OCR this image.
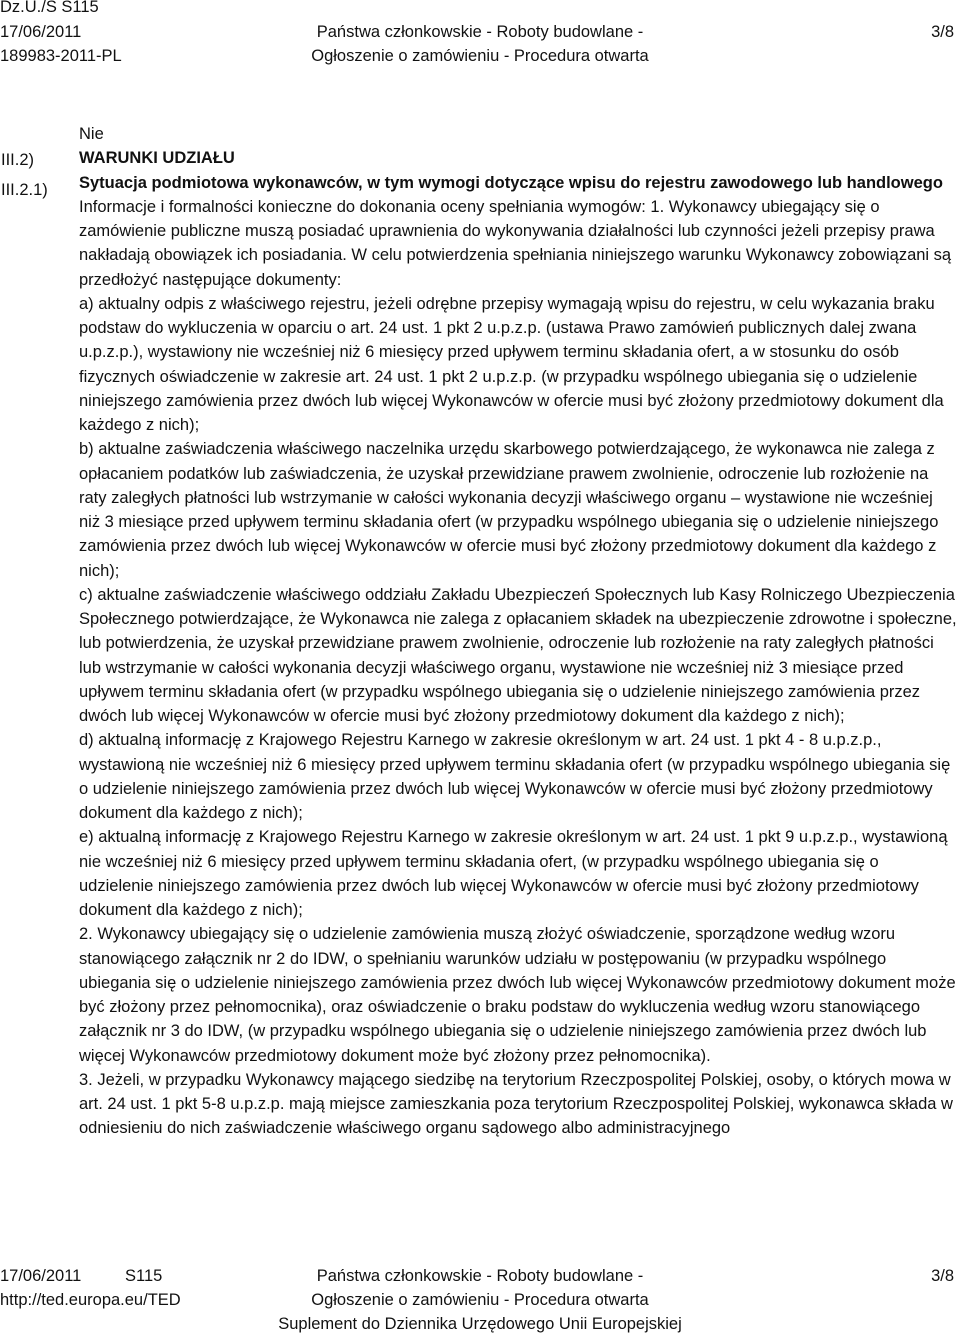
Dz.U./S S115
17/06/2011
189983-2011-PL
Państwa członkowskie - Roboty budowlane -
Ogłoszenie o zamówieniu - Procedura otwarta
3/8
III.2)
III.2.1)

Nie

WARUNKI UDZIAŁU

Sytuacja podmiotowa wykonawców, w tym wymogi dotyczące wpisu do rejestru zawodowego lub handlowego

Informacje i formalności konieczne do dokonania oceny spełniania wymogów: 1. Wykonawcy ubiegający się o zamówienie publiczne muszą posiadać uprawnienia do wykonywania działalności lub czynności jeżeli przepisy prawa nakładają obowiązek ich posiadania. W celu potwierdzenia spełniania niniejszego warunku Wykonawcy zobowiązani są przedłożyć następujące dokumenty:

a) aktualny odpis z właściwego rejestru, jeżeli odrębne przepisy wymagają wpisu do rejestru, w celu wykazania braku podstaw do wykluczenia w oparciu o art. 24 ust. 1 pkt 2 u.p.z.p. (ustawa Prawo zamówień publicznych dalej zwana u.p.z.p.), wystawiony nie wcześniej niż 6 miesięcy przed upływem terminu składania ofert, a w stosunku do osób fizycznych oświadczenie w zakresie art. 24 ust. 1 pkt 2 u.p.z.p. (w przypadku wspólnego ubiegania się o udzielenie niniejszego zamówienia przez dwóch lub więcej Wykonawców w ofercie musi być złożony przedmiotowy dokument dla każdego z nich);

b) aktualne zaświadczenia właściwego naczelnika urzędu skarbowego potwierdzającego, że wykonawca nie zalega z opłacaniem podatków lub zaświadczenia, że uzyskał przewidziane prawem zwolnienie, odroczenie lub rozłożenie na raty zaległych płatności lub wstrzymanie w całości wykonania decyzji właściwego organu – wystawione nie wcześniej niż 3 miesiące przed upływem terminu składania ofert (w przypadku wspólnego ubiegania się o udzielenie niniejszego zamówienia przez dwóch lub więcej Wykonawców w ofercie musi być złożony przedmiotowy dokument dla każdego z nich);

c) aktualne zaświadczenie właściwego oddziału Zakładu Ubezpieczeń Społecznych lub Kasy Rolniczego Ubezpieczenia Społecznego potwierdzające, że Wykonawca nie zalega z opłacaniem składek na ubezpieczenie zdrowotne i społeczne, lub potwierdzenia, że uzyskał przewidziane prawem zwolnienie, odroczenie lub rozłożenie na raty zaległych płatności lub wstrzymanie w całości wykonania decyzji właściwego organu, wystawione nie wcześniej niż 3 miesiące przed upływem terminu składania ofert (w przypadku wspólnego ubiegania się o udzielenie niniejszego zamówienia przez dwóch lub więcej Wykonawców w ofercie musi być złożony przedmiotowy dokument dla każdego z nich);

d) aktualną informację z Krajowego Rejestru Karnego w zakresie określonym w art. 24 ust. 1 pkt 4 - 8 u.p.z.p., wystawioną nie wcześniej niż 6 miesięcy przed upływem terminu składania ofert (w przypadku wspólnego ubiegania się o udzielenie niniejszego zamówienia przez dwóch lub więcej Wykonawców w ofercie musi być złożony przedmiotowy dokument dla każdego z nich);

e) aktualną informację z Krajowego Rejestru Karnego w zakresie określonym w art. 24 ust. 1 pkt 9 u.p.z.p., wystawioną nie wcześniej niż 6 miesięcy przed upływem terminu składania ofert, (w przypadku wspólnego ubiegania się o udzielenie niniejszego zamówienia przez dwóch lub więcej Wykonawców w ofercie musi być złożony przedmiotowy dokument dla każdego z nich);

2. Wykonawcy ubiegający się o udzielenie zamówienia muszą złożyć oświadczenie, sporządzone według wzoru stanowiącego załącznik nr 2 do IDW, o spełnianiu warunków udziału w postępowaniu (w przypadku wspólnego ubiegania się o udzielenie niniejszego zamówienia przez dwóch lub więcej Wykonawców przedmiotowy dokument może być złożony przez pełnomocnika), oraz oświadczenie o braku podstaw do wykluczenia według wzoru stanowiącego załącznik nr 3 do IDW, (w przypadku wspólnego ubiegania się o udzielenie niniejszego zamówienia przez dwóch lub więcej Wykonawców przedmiotowy dokument może być złożony przez pełnomocnika).

3. Jeżeli, w przypadku Wykonawcy mającego siedzibę na terytorium Rzeczpospolitej Polskiej, osoby, o których mowa w art. 24 ust. 1 pkt 5-8 u.p.z.p. mają miejsce zamieszkania poza terytorium Rzeczpospolitej Polskiej, wykonawca składa w odniesieniu do nich zaświadczenie właściwego organu sądowego albo administracyjnego

17/06/2011	S115
http://ted.europa.eu/TED
Państwa członkowskie - Roboty budowlane -
Ogłoszenie o zamówieniu - Procedura otwarta
Suplement do Dziennika Urzędowego Unii Europejskiej
3/8
